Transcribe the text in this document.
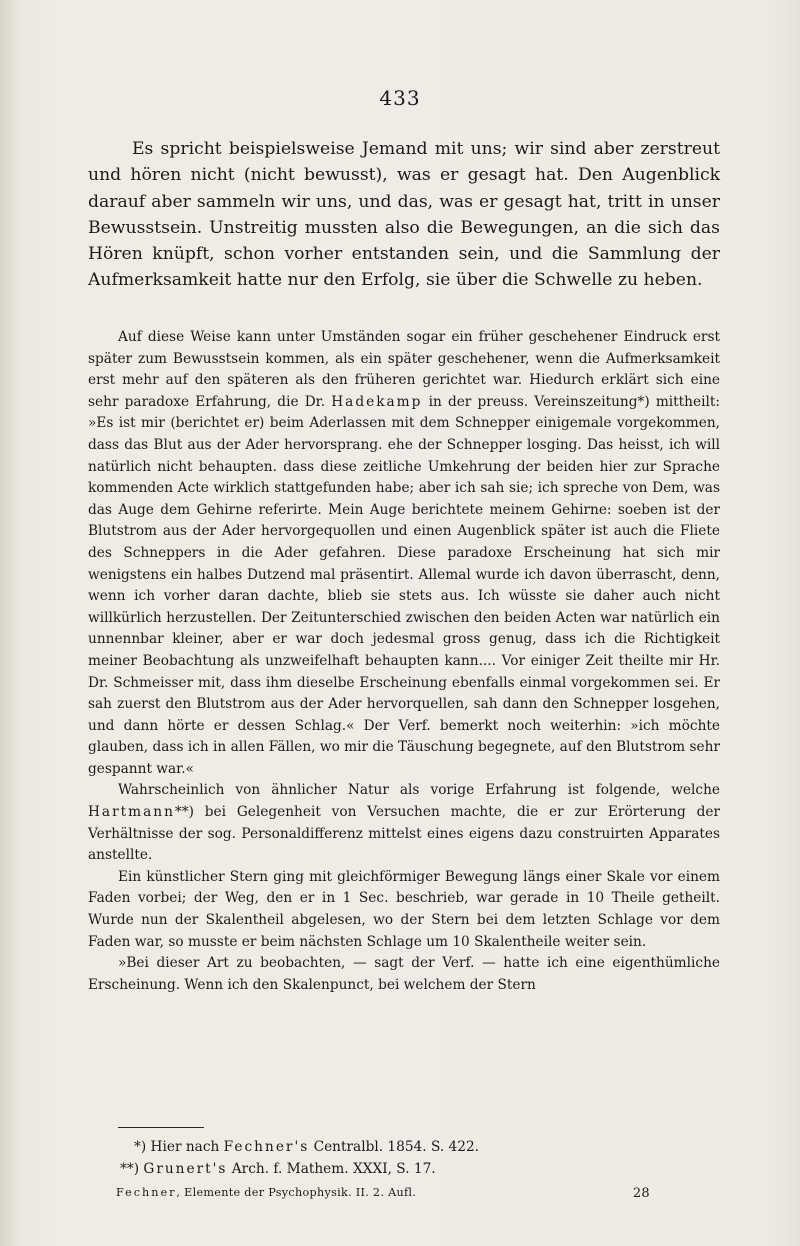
433

Es spricht beispielsweise Jemand mit uns; wir sind aber zerstreut und hören nicht (nicht bewusst), was er gesagt hat. Den Augenblick darauf aber sammeln wir uns, und das, was er gesagt hat, tritt in unser Bewusstsein. Unstreitig mussten also die Bewegungen, an die sich das Hören knüpft, schon vorher entstanden sein, und die Sammlung der Aufmerksamkeit hatte nur den Erfolg, sie über die Schwelle zu heben.

Auf diese Weise kann unter Umständen sogar ein früher geschehener Eindruck erst später zum Bewusstsein kommen, als ein später geschehener, wenn die Aufmerksamkeit erst mehr auf den späteren als den früheren gerichtet war. Hiedurch erklärt sich eine sehr paradoxe Erfahrung, die Dr. Hadekamp in der preuss. Vereinszeitung*) mittheilt: »Es ist mir (berichtet er) beim Aderlassen mit dem Schnepper einigemale vorgekommen, dass das Blut aus der Ader hervorsprang. ehe der Schnepper losging. Das heisst, ich will natürlich nicht behaupten. dass diese zeitliche Umkehrung der beiden hier zur Sprache kommenden Acte wirklich stattgefunden habe; aber ich sah sie; ich spreche von Dem, was das Auge dem Gehirne referirte. Mein Auge berichtete meinem Gehirne: soeben ist der Blutstrom aus der Ader hervorgequollen und einen Augenblick später ist auch die Fliete des Schneppers in die Ader gefahren. Diese paradoxe Erscheinung hat sich mir wenigstens ein halbes Dutzend mal präsentirt. Allemal wurde ich davon überrascht, denn, wenn ich vorher daran dachte, blieb sie stets aus. Ich wüsste sie daher auch nicht willkürlich herzustellen. Der Zeitunterschied zwischen den beiden Acten war natürlich ein unnennbar kleiner, aber er war doch jedesmal gross genug, dass ich die Richtigkeit meiner Beobachtung als unzweifelhaft behaupten kann.... Vor einiger Zeit theilte mir Hr. Dr. Schmeisser mit, dass ihm dieselbe Erscheinung ebenfalls einmal vorgekommen sei. Er sah zuerst den Blutstrom aus der Ader hervorquellen, sah dann den Schnepper losgehen, und dann hörte er dessen Schlag.« Der Verf. bemerkt noch weiterhin: »ich möchte glauben, dass ich in allen Fällen, wo mir die Täuschung begegnete, auf den Blutstrom sehr gespannt war.«

Wahrscheinlich von ähnlicher Natur als vorige Erfahrung ist folgende, welche Hartmann**) bei Gelegenheit von Versuchen machte, die er zur Erörterung der Verhältnisse der sog. Personaldifferenz mittelst eines eigens dazu construirten Apparates anstellte.

Ein künstlicher Stern ging mit gleichförmiger Bewegung längs einer Skale vor einem Faden vorbei; der Weg, den er in 1 Sec. beschrieb, war gerade in 10 Theile getheilt. Wurde nun der Skalentheil abgelesen, wo der Stern bei dem letzten Schlage vor dem Faden war, so musste er beim nächsten Schlage um 10 Skalentheile weiter sein.

»Bei dieser Art zu beobachten, — sagt der Verf. — hatte ich eine eigenthümliche Erscheinung. Wenn ich den Skalenpunct, bei welchem der Stern

*) Hier nach Fechner's Centralbl. 1854. S. 422.
**) Grunert's Arch. f. Mathem. XXXI, S. 17.
Fechner, Elemente der Psychophysik. II. 2. Aufl.	28
